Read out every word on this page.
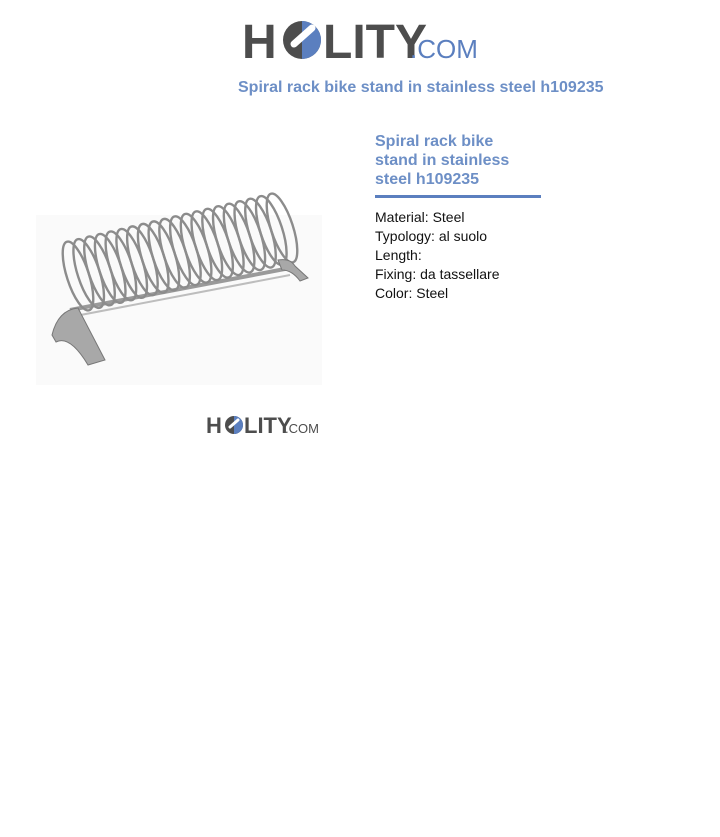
H LITY
.COM
Spiral rack bike stand in stainless steel h109235
H LITY
.COM
Spiral rack bike stand in stainless steel h109235
Material: Steel
Typology: al suolo
Length:
Fixing: da tassellare
Color: Steel
